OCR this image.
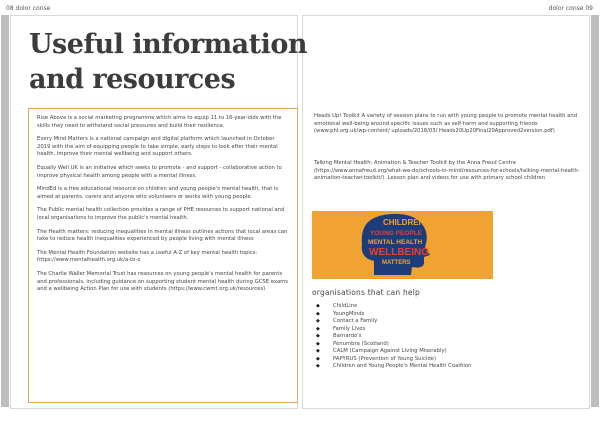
08 dolor conse	dolor conse 09
Useful information and resources

Rise Above is a social marketing programme which aims to equip 11 to 16-year-olds with the skills they need to withstand social pressures and build their resilience.

Every Mind Matters is a national campaign and digital platform which launched in October 2019 with the aim of equipping people to take simple, early steps to look after their mental health, improve their mental wellbeing and support others.

Equally Well UK is an initiative which seeks to promote - and support - collaborative action to improve physical health among people with a mental illness.

MindEd is a free educational resource on children and young people's mental health, that is aimed at parents, carers and anyone who volunteers or works with young people.

The Public mental health collection provides a range of PHE resources to support national and local organisations to improve the public's mental health.

The Health matters: reducing inequalities in mental illness outlines actions that local areas can take to reduce health inequalities experienced by people living with mental illness

The Mental Health Foundation website has a useful A-Z of key mental health topics: https://www.mentalhealth.org.uk/a-to-z

The Charlie Waller Memorial Trust has resources on young people's mental health for parents and professionals, including guidance on supporting student mental health during GCSE exams and a wellbeing Action Plan for use with students (https://www.cwmt.org.uk/resources)

Heads Up! Toolkit A variety of session plans to run with young people to promote mental health and emotional well-being around specific issues such as self-harm and supporting friends (www.phl.org.uk/wp-content/ uploads/2018/03/ Heads20Up20Final20Approved2version.pdf)

Talking Mental Health: Animation & Teacher Toolkit by the Anna Freud Centre (https://www.annafreud.org/what-we-do/schools-in-mind/resources-for-schools/talking-mental-health-animation-teacher-toolkit/). Lesson plan and videos for use with primary school children

CHILDREN
YOUNG PEOPLE
MENTAL HEALTH
WELLBEING
MATTERS

organisations that can help

◆ ChildLine
◆ YoungMinds
◆ Contact a Family
◆ Family Lives
◆ Barnardo's
◆ Penumbra (Scotland)
◆ CALM (Campaign Against Living Miserably)
◆ PAPYRUS (Prevention of Young Suicide)
◆ Children and Young People's Mental Health Coalition
